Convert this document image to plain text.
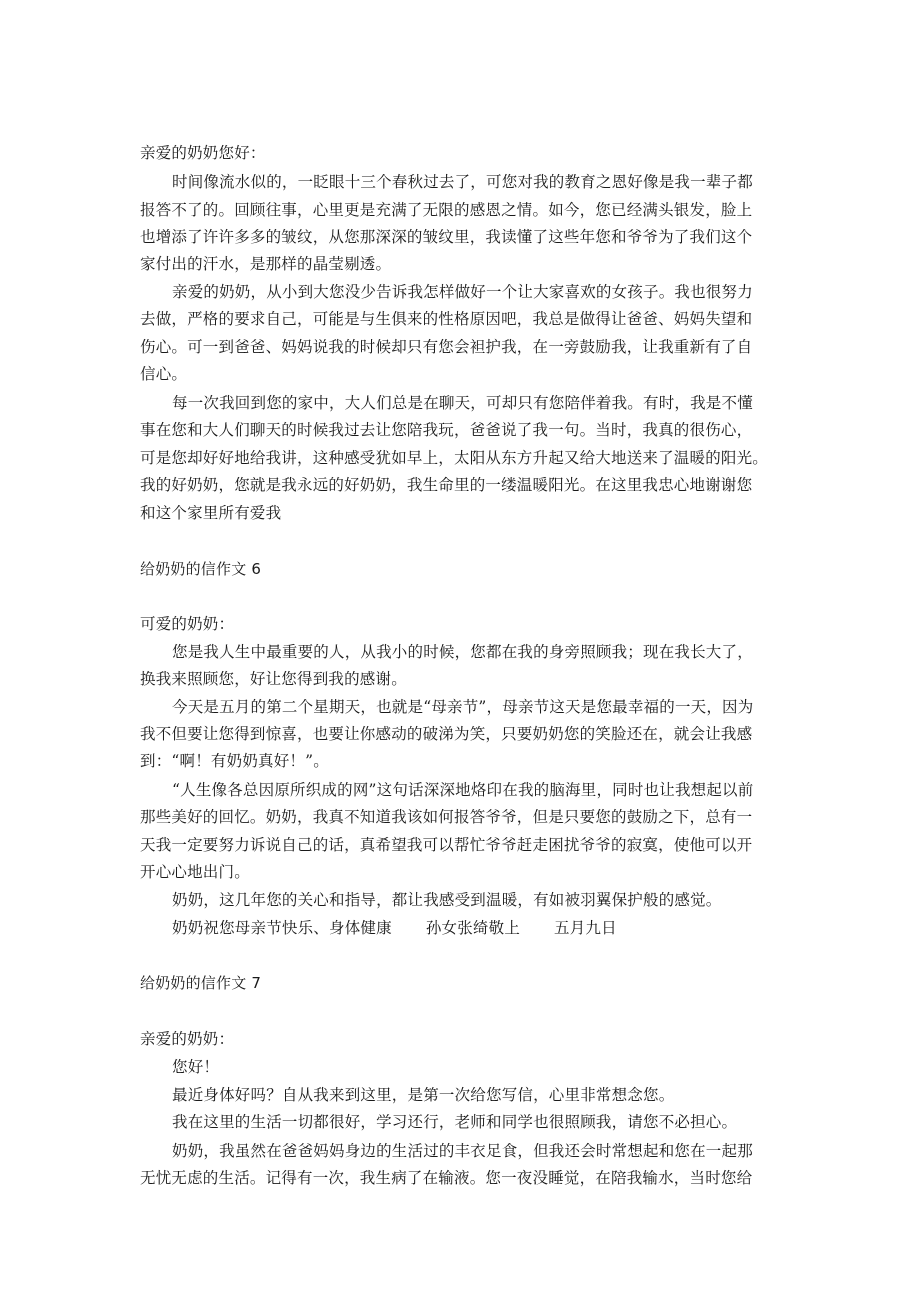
亲爱的奶奶您好：
时间像流水似的，一眨眼十三个春秋过去了，可您对我的教育之恩好像是我一辈子都
报答不了的。回顾往事，心里更是充满了无限的感恩之情。如今，您已经满头银发，脸上
也增添了许许多多的皱纹，从您那深深的皱纹里，我读懂了这些年您和爷爷为了我们这个
家付出的汗水，是那样的晶莹剔透。
亲爱的奶奶，从小到大您没少告诉我怎样做好一个让大家喜欢的女孩子。我也很努力
去做，严格的要求自己，可能是与生俱来的性格原因吧，我总是做得让爸爸、妈妈失望和
伤心。可一到爸爸、妈妈说我的时候却只有您会袒护我，在一旁鼓励我，让我重新有了自
信心。
每一次我回到您的家中，大人们总是在聊天，可却只有您陪伴着我。有时，我是不懂
事在您和大人们聊天的时候我过去让您陪我玩，爸爸说了我一句。当时，我真的很伤心，
可是您却好好地给我讲，这种感受犹如早上，太阳从东方升起又给大地送来了温暖的阳光。
我的好奶奶，您就是我永远的好奶奶，我生命里的一缕温暖阳光。在这里我忠心地谢谢您
和这个家里所有爱我
给奶奶的信作文 6
可爱的奶奶：
您是我人生中最重要的人，从我小的时候，您都在我的身旁照顾我；现在我长大了，
换我来照顾您，好让您得到我的感谢。
今天是五月的第二个星期天，也就是“母亲节”，母亲节这天是您最幸福的一天，因为
我不但要让您得到惊喜，也要让你感动的破涕为笑，只要奶奶您的笑脸还在，就会让我感
到：“啊！有奶奶真好！”。
“人生像各总因原所织成的网”这句话深深地烙印在我的脑海里，同时也让我想起以前
那些美好的回忆。奶奶，我真不知道我该如何报答爷爷，但是只要您的鼓励之下，总有一
天我一定要努力诉说自己的话，真希望我可以帮忙爷爷赶走困扰爷爷的寂寞，使他可以开
开心心地出门。
奶奶，这几年您的关心和指导，都让我感受到温暖，有如被羽翼保护般的感觉。
奶奶祝您母亲节快乐、身体健康 孙女张绮敬上 五月九日
给奶奶的信作文 7
亲爱的奶奶：
您好！
最近身体好吗？自从我来到这里，是第一次给您写信，心里非常想念您。
我在这里的生活一切都很好，学习还行，老师和同学也很照顾我，请您不必担心。
奶奶，我虽然在爸爸妈妈身边的生活过的丰衣足食，但我还会时常想起和您在一起那
无忧无虑的生活。记得有一次，我生病了在输液。您一夜没睡觉，在陪我输水，当时您给
